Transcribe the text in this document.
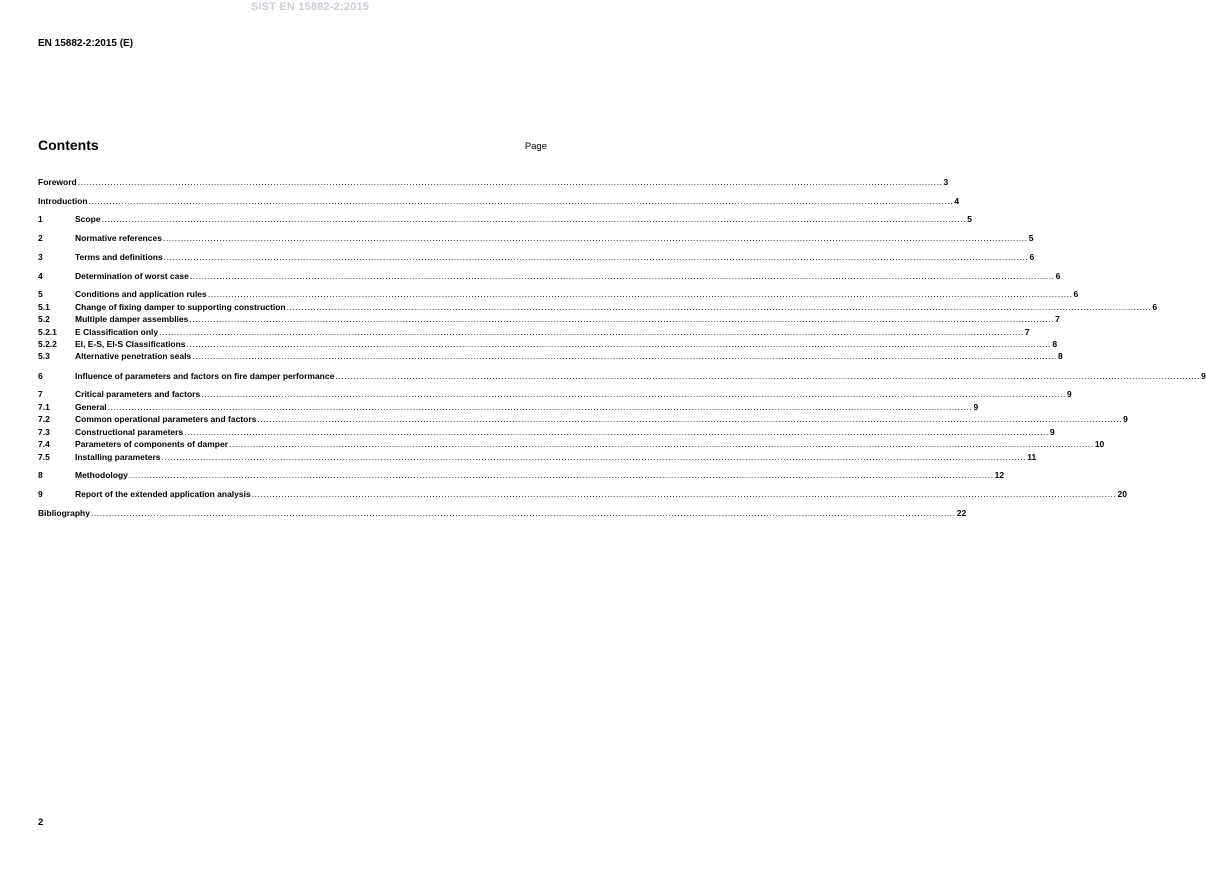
SIST EN 15882-2:2015
EN 15882-2:2015 (E)
Contents	Page
Foreword .....	3
Introduction .....	4
1	Scope .....	5
2	Normative references .....	5
3	Terms and definitions .....	6
4	Determination of worst case .....	6
5	Conditions and application rules .....	6
5.1	Change of fixing damper to supporting construction .....	6
5.2	Multiple damper assemblies .....	7
5.2.1	E Classification only .....	7
5.2.2	EI, E-S, EI-S Classifications .....	8
5.3	Alternative penetration seals .....	8
6	Influence of parameters and factors on fire damper performance .....	9
7	Critical parameters and factors .....	9
7.1	General .....	9
7.2	Common operational parameters and factors .....	9
7.3	Constructional parameters .....	9
7.4	Parameters of components of damper .....	10
7.5	Installing parameters .....	11
8	Methodology .....	12
9	Report of the extended application analysis .....	20
Bibliography .....	22
2
